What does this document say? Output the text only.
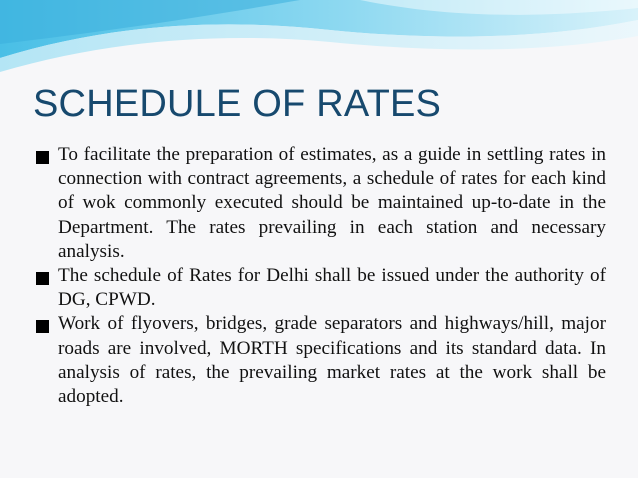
SCHEDULE OF RATES
To facilitate the preparation of estimates, as a guide in settling rates in connection with contract agreements, a schedule of rates for each kind of wok commonly executed should be maintained up-to-date in the Department. The rates prevailing in each station and necessary analysis.
The schedule of Rates for Delhi shall be issued under the authority of DG, CPWD.
Work of flyovers, bridges, grade separators and highways/hill, major roads are involved, MORTH specifications and its standard data. In analysis of rates, the prevailing market rates at the work shall be adopted.
